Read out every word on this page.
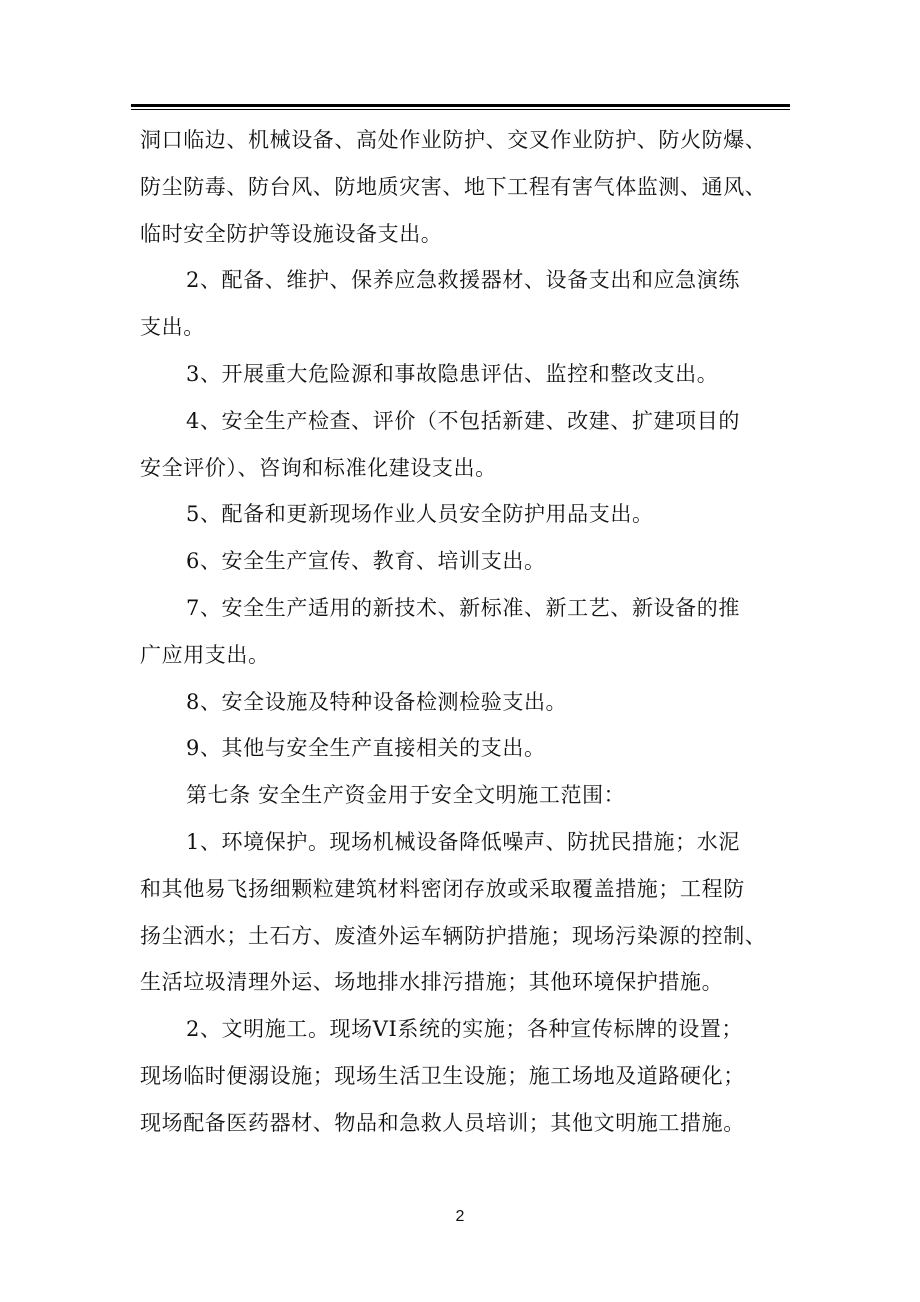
洞口临边、机械设备、高处作业防护、交叉作业防护、防火防爆、
防尘防毒、防台风、防地质灾害、地下工程有害气体监测、通风、
临时安全防护等设施设备支出。
2、配备、维护、保养应急救援器材、设备支出和应急演练
支出。
3、开展重大危险源和事故隐患评估、监控和整改支出。
4、安全生产检查、评价（不包括新建、改建、扩建项目的
安全评价）、咨询和标准化建设支出。
5、配备和更新现场作业人员安全防护用品支出。
6、安全生产宣传、教育、培训支出。
7、安全生产适用的新技术、新标准、新工艺、新设备的推
广应用支出。
8、安全设施及特种设备检测检验支出。
9、其他与安全生产直接相关的支出。
第七条 安全生产资金用于安全文明施工范围：
1、环境保护。现场机械设备降低噪声、防扰民措施；水泥
和其他易飞扬细颗粒建筑材料密闭存放或采取覆盖措施；工程防
扬尘洒水；土石方、废渣外运车辆防护措施；现场污染源的控制、
生活垃圾清理外运、场地排水排污措施；其他环境保护措施。
2、文明施工。现场VI系统的实施；各种宣传标牌的设置；
现场临时便溺设施；现场生活卫生设施；施工场地及道路硬化；
现场配备医药器材、物品和急救人员培训；其他文明施工措施。
2
